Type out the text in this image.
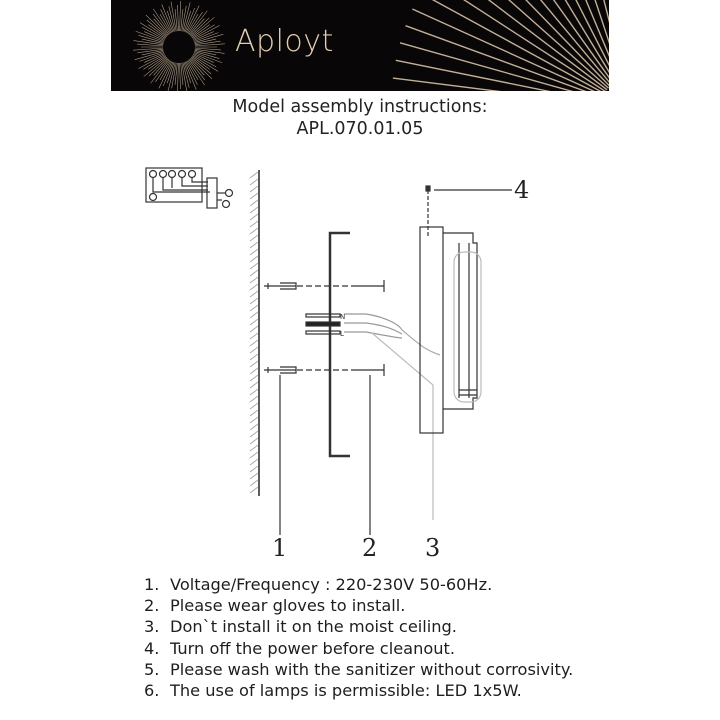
Aployt
Model assembly instructions:
APL.070.01.05
N
L
1	2 3
4
1. Voltage/Frequency : 220-230V 50-60Hz.
2. Please wear gloves to install.
3. Don`t install it on the moist ceiling.
4. Turn off the power before cleanout.
5. Please wash with the sanitizer without corrosivity.
6. The use of lamps is permissible: LED 1x5W.
